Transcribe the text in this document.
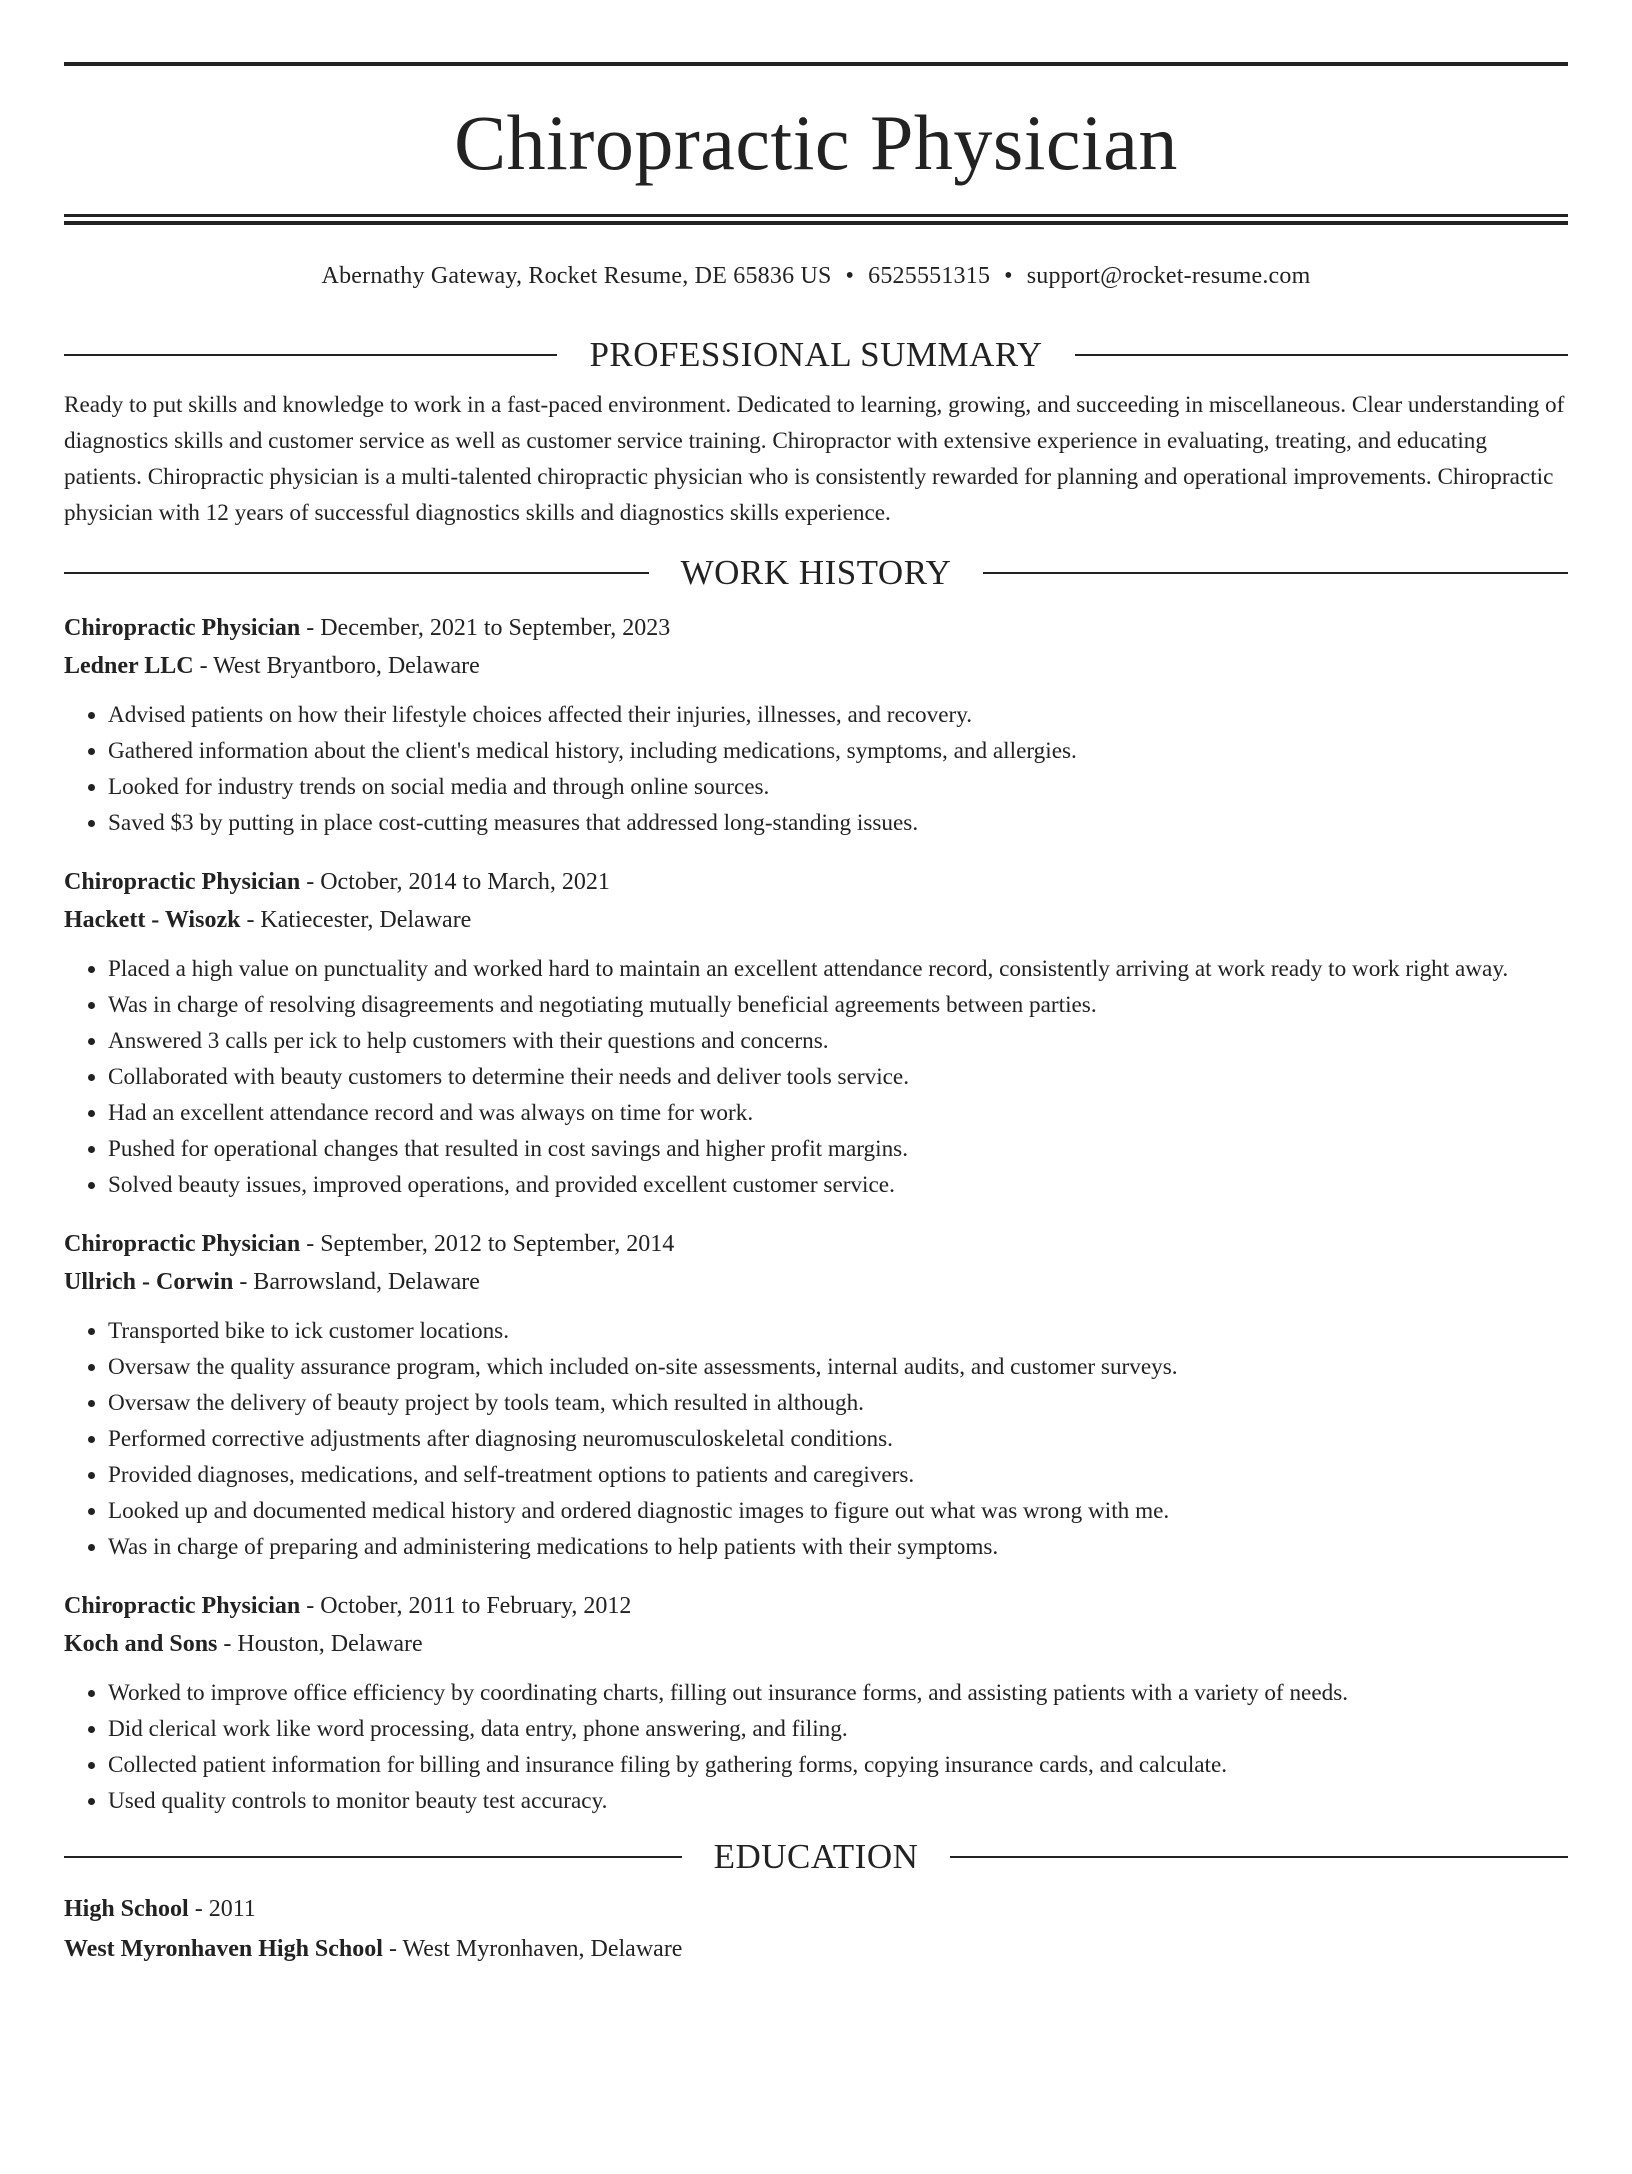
Chiropractic Physician
Abernathy Gateway, Rocket Resume, DE 65836 US • 6525551315 • support@rocket-resume.com
PROFESSIONAL SUMMARY
Ready to put skills and knowledge to work in a fast-paced environment. Dedicated to learning, growing, and succeeding in miscellaneous. Clear understanding of diagnostics skills and customer service as well as customer service training. Chiropractor with extensive experience in evaluating, treating, and educating patients. Chiropractic physician is a multi-talented chiropractic physician who is consistently rewarded for planning and operational improvements. Chiropractic physician with 12 years of successful diagnostics skills and diagnostics skills experience.
WORK HISTORY
Chiropractic Physician - December, 2021 to September, 2023
Ledner LLC - West Bryantboro, Delaware
• Advised patients on how their lifestyle choices affected their injuries, illnesses, and recovery.
• Gathered information about the client's medical history, including medications, symptoms, and allergies.
• Looked for industry trends on social media and through online sources.
• Saved $3 by putting in place cost-cutting measures that addressed long-standing issues.
Chiropractic Physician - October, 2014 to March, 2021
Hackett - Wisozk - Katiecester, Delaware
• Placed a high value on punctuality and worked hard to maintain an excellent attendance record, consistently arriving at work ready to work right away.
• Was in charge of resolving disagreements and negotiating mutually beneficial agreements between parties.
• Answered 3 calls per ick to help customers with their questions and concerns.
• Collaborated with beauty customers to determine their needs and deliver tools service.
• Had an excellent attendance record and was always on time for work.
• Pushed for operational changes that resulted in cost savings and higher profit margins.
• Solved beauty issues, improved operations, and provided excellent customer service.
Chiropractic Physician - September, 2012 to September, 2014
Ullrich - Corwin - Barrowsland, Delaware
• Transported bike to ick customer locations.
• Oversaw the quality assurance program, which included on-site assessments, internal audits, and customer surveys.
• Oversaw the delivery of beauty project by tools team, which resulted in although.
• Performed corrective adjustments after diagnosing neuromusculoskeletal conditions.
• Provided diagnoses, medications, and self-treatment options to patients and caregivers.
• Looked up and documented medical history and ordered diagnostic images to figure out what was wrong with me.
• Was in charge of preparing and administering medications to help patients with their symptoms.
Chiropractic Physician - October, 2011 to February, 2012
Koch and Sons - Houston, Delaware
• Worked to improve office efficiency by coordinating charts, filling out insurance forms, and assisting patients with a variety of needs.
• Did clerical work like word processing, data entry, phone answering, and filing.
• Collected patient information for billing and insurance filing by gathering forms, copying insurance cards, and calculate.
• Used quality controls to monitor beauty test accuracy.
EDUCATION
High School - 2011
West Myronhaven High School - West Myronhaven, Delaware
